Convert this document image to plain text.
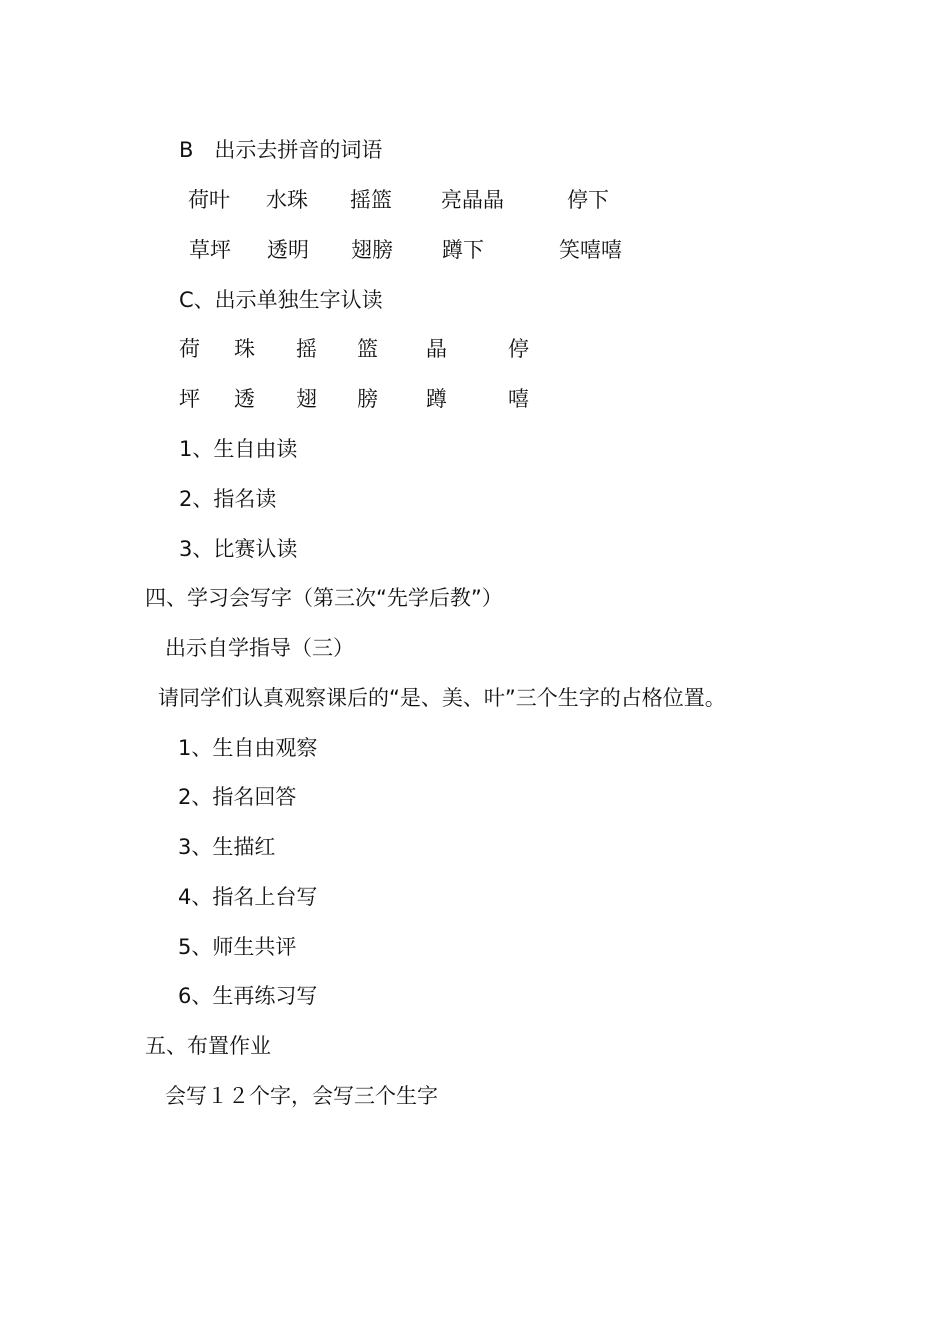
B　出示去拼音的词语
荷叶 水珠 摇篮 亮晶晶	停下
草坪 透明 翅膀 蹲下	笑嘻嘻
C、出示单独生字认读
荷 珠 摇 篮 晶	停
坪 透 翅 膀 蹲	嘻
1、生自由读
2、指名读
3、比赛认读
四、学习会写字（第三次“先学后教”）
出示自学指导（三）
请同学们认真观察课后的“是、美、叶”三个生字的占格位置。
1、生自由观察
2、指名回答
3、生描红
4、指名上台写
5、师生共评
6、生再练习写
五、布置作业
会写１２个字，会写三个生字
